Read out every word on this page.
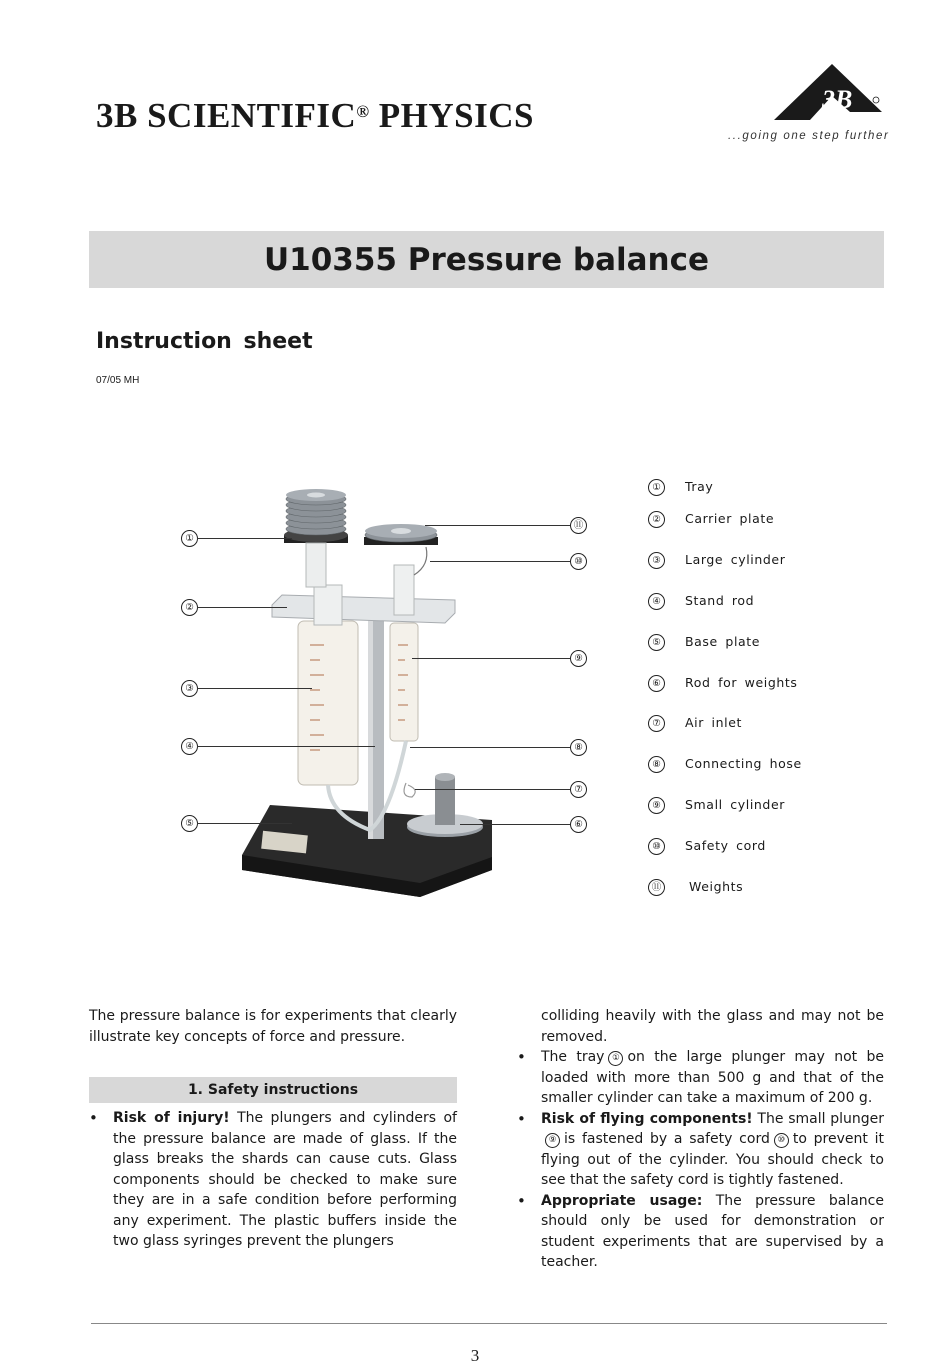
3B SCIENTIFIC® PHYSICS	3B
...going one step further
U10355 Pressure balance
Instruction sheet
07/05 MH
①
②
③
④
⑤
⑪
⑩
⑨
⑧
⑦
⑥
①	Tray
②	Carrier plate
③	Large cylinder
④	Stand rod
⑤	Base plate
⑥	Rod for weights
⑦	Air inlet
⑧	Connecting hose
⑨	Small cylinder
⑩	Safety cord
⑪	Weights

The pressure balance is for experiments that clearly illustrate key concepts of force and pressure.

1. Safety instructions
• Risk of injury! The plungers and cylinders of the pressure balance are made of glass. If the glass breaks the shards can cause cuts. Glass components should be checked to make sure they are in a safe condition before performing any experiment. The plastic buffers inside the two glass syringes prevent the plungers

colliding heavily with the glass and may not be removed.

• The tray ① on the large plunger may not be loaded with more than 500 g and that of the smaller cylinder can take a maximum of 200 g.
• Risk of flying components! The small plunger⑨ is fastened by a safety cord ⑩ to prevent it flying out of the cylinder. You should check to see that the safety cord is tightly fastened.
• Appropriate usage: The pressure balance should only be used for demonstration or student experiments that are supervised by a teacher.
3
